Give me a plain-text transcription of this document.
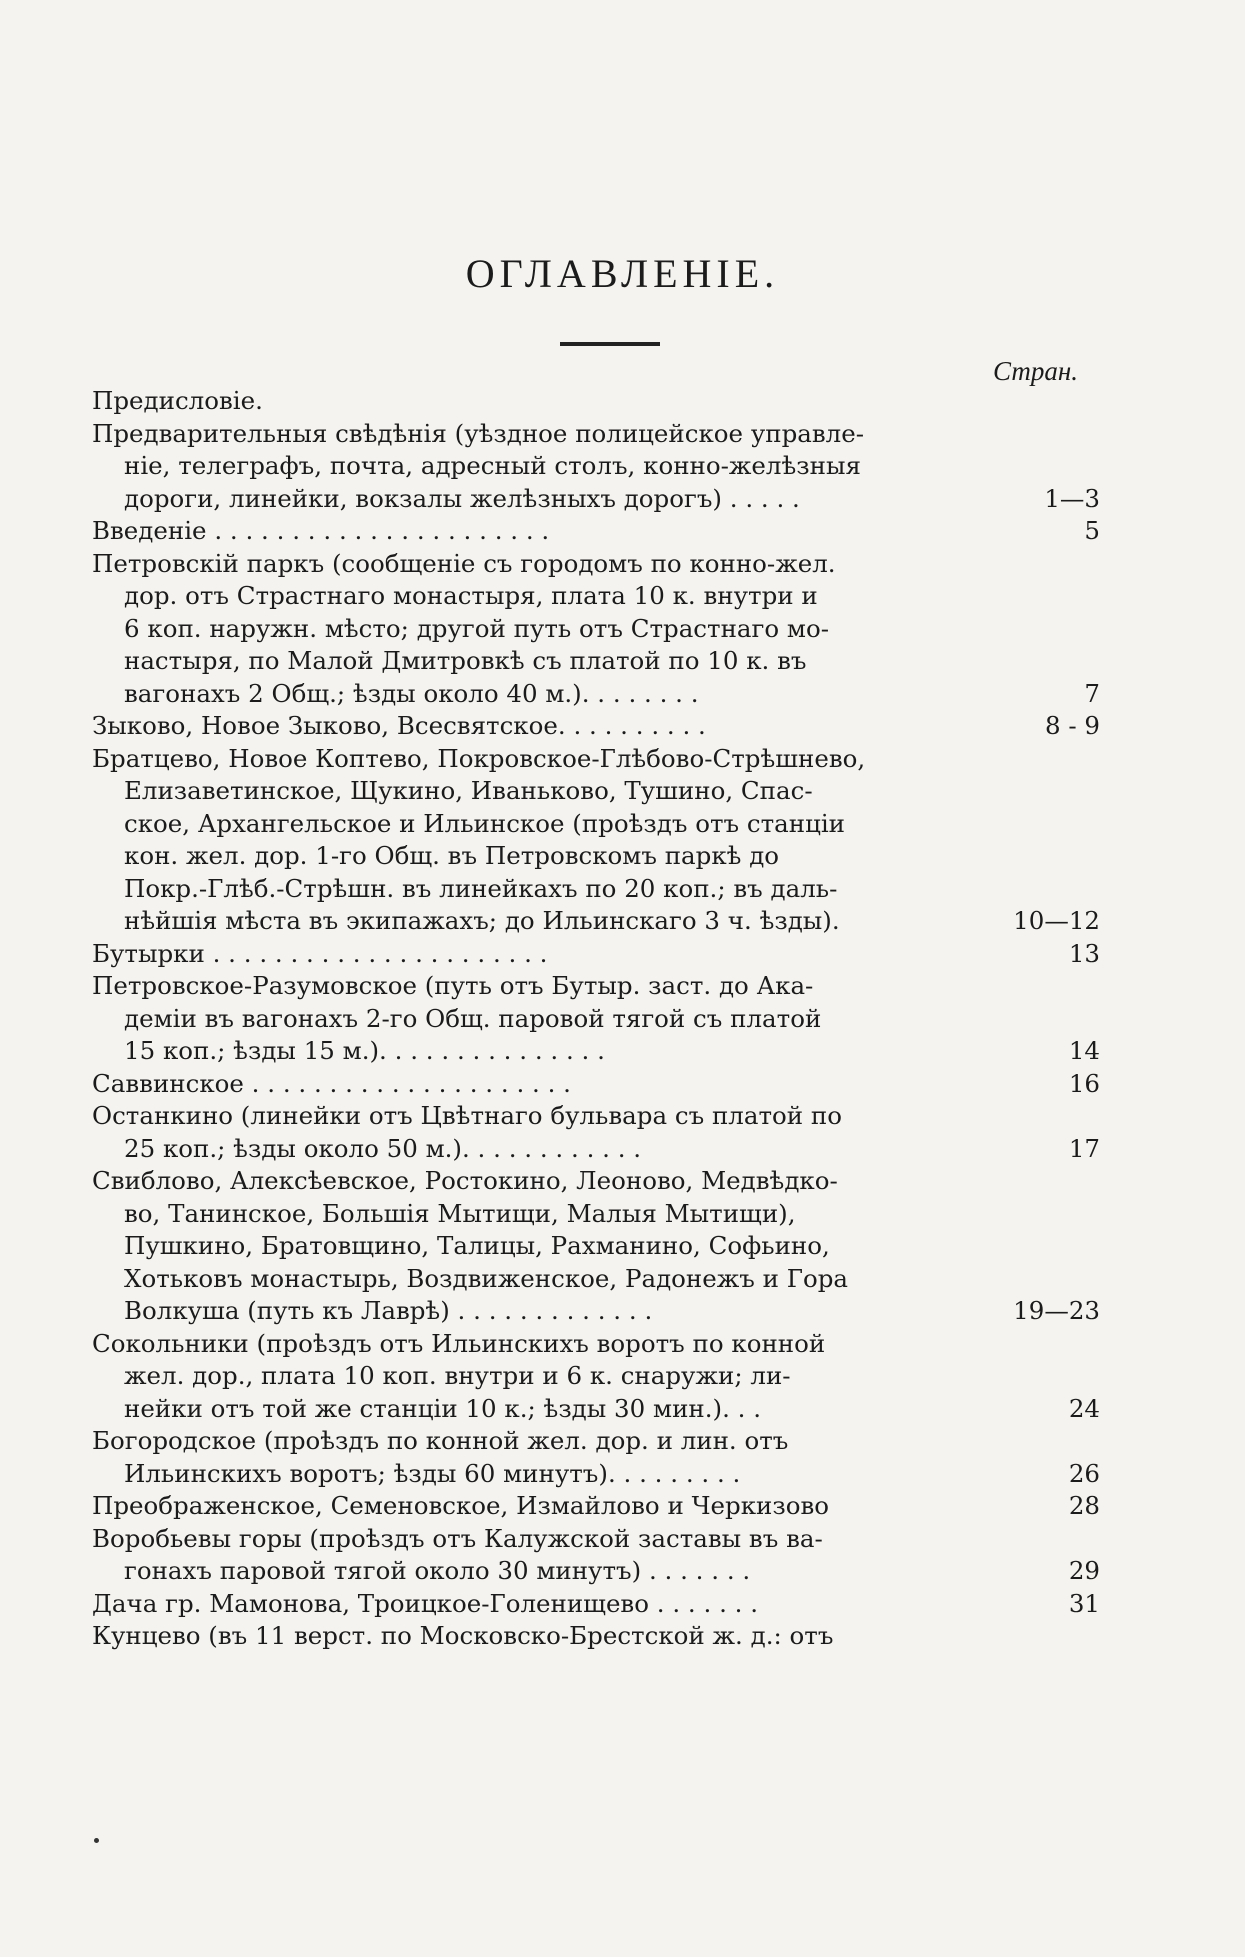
ОГЛАВЛЕНІЕ.
Стран.
Предисловіе.
Предварительныя свѣдѣнія (уѣздное полицейское управле-
ніе, телеграфъ, почта, адресный столъ, конно-желѣзныя
дороги, линейки, вокзалы желѣзныхъ дорогъ) . . . . .	1—3
Введеніе . . . . . . . . . . . . . . . . . . . . . .	5
Петровскій паркъ (сообщеніе съ городомъ по конно-жел.
дор. отъ Страстнаго монастыря, плата 10 к. внутри и
6 коп. наружн. мѣсто; другой путь отъ Страстнаго мо-
настыря, по Малой Дмитровкѣ съ платой по 10 к. въ
вагонахъ 2 Общ.; ѣзды около 40 м.). . . . . . . .	7
Зыково, Новое Зыково, Всесвятское. . . . . . . . . .	8 - 9
Братцево, Новое Коптево, Покровское-Глѣбово-Стрѣшнево,
Елизаветинское, Щукино, Иваньково, Тушино, Спас-
ское, Архангельское и Ильинское (проѣздъ отъ станціи
кон. жел. дор. 1-го Общ. въ Петровскомъ паркѣ до
Покр.-Глѣб.-Стрѣшн. въ линейкахъ по 20 коп.; въ даль-
нѣйшія мѣста въ экипажахъ; до Ильинскаго 3 ч. ѣзды).	10—12
Бутырки . . . . . . . . . . . . . . . . . . . . . .	13
Петровское-Разумовское (путь отъ Бутыр. заст. до Ака-
деміи въ вагонахъ 2-го Общ. паровой тягой съ платой
15 коп.; ѣзды 15 м.). . . . . . . . . . . . . . .	14
Саввинское . . . . . . . . . . . . . . . . . . . . .	16
Останкино (линейки отъ Цвѣтнаго бульвара съ платой по
25 коп.; ѣзды около 50 м.). . . . . . . . . . . .	17
Свиблово, Алексѣевское, Ростокино, Леоново, Медвѣдко-
во, Танинское, Большія Мытищи, Малыя Мытищи),
Пушкино, Братовщино, Талицы, Рахманино, Софьино,
Хотьковъ монастырь, Воздвиженское, Радонежъ и Гора
Волкуша (путь къ Лаврѣ) . . . . . . . . . . . . .	19—23
Сокольники (проѣздъ отъ Ильинскихъ воротъ по конной
жел. дор., плата 10 коп. внутри и 6 к. снаружи; ли-
нейки отъ той же станціи 10 к.; ѣзды 30 мин.). . .	24
Богородское (проѣздъ по конной жел. дор. и лин. отъ
Ильинскихъ воротъ; ѣзды 60 минутъ). . . . . . . . .	26
Преображенское, Семеновское, Измайлово и Черкизово	28
Воробьевы горы (проѣздъ отъ Калужской заставы въ ва-
гонахъ паровой тягой около 30 минутъ) . . . . . . .	29
Дача гр. Мамонова, Троицкое-Голенищево . . . . . . .	31
Кунцево (въ 11 верст. по Московско-Брестской ж. д.: отъ
